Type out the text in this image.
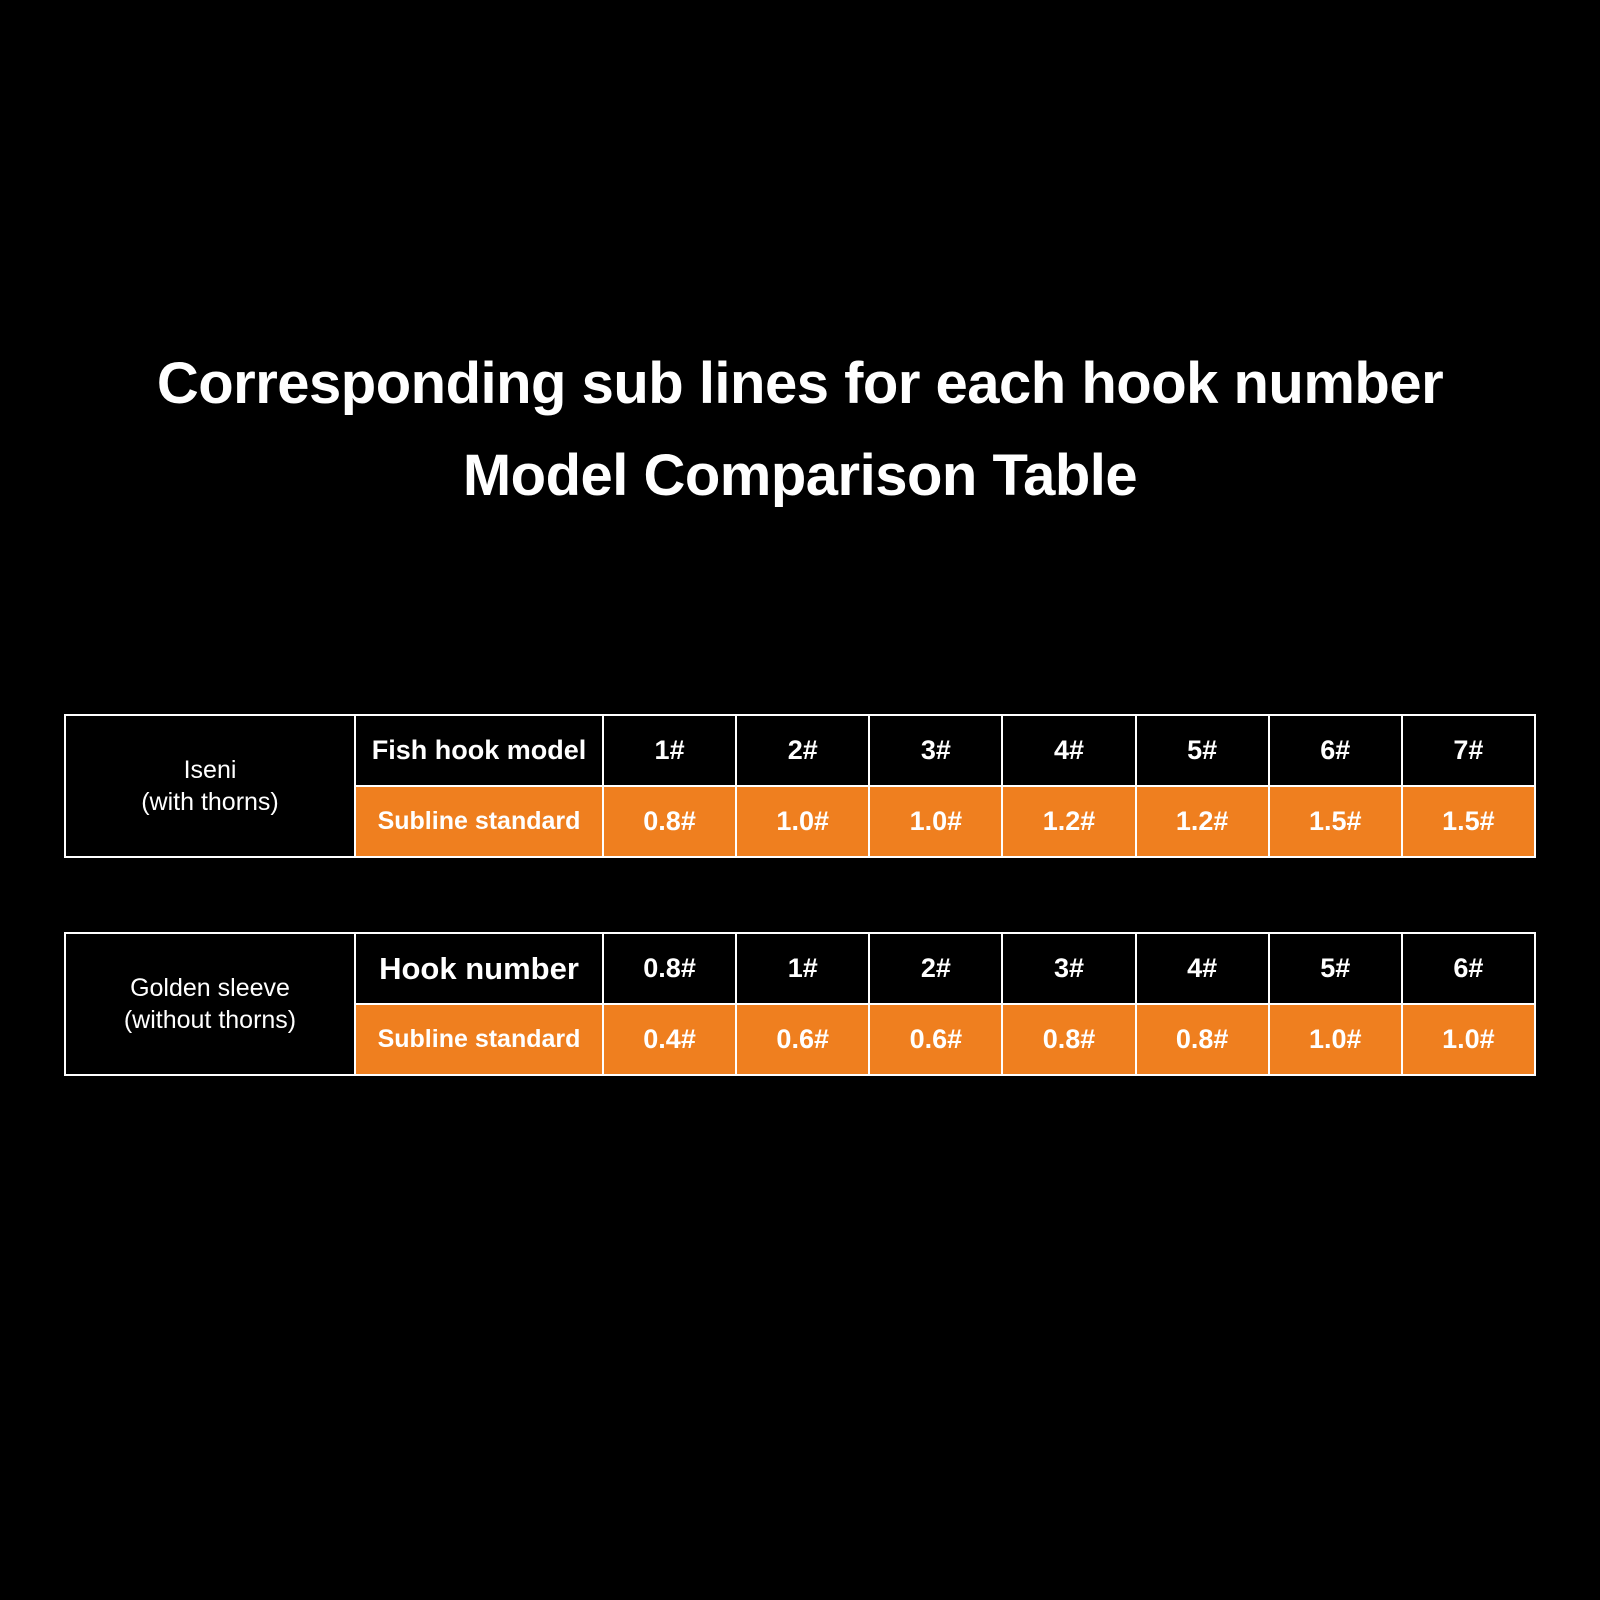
Corresponding sub lines for each hook number
Model Comparison Table
Iseni
(with thorns)	Fish hook model	1#	2#	3#	4#	5#	6#	7#
	Subline standard	0.8#	1.0#	1.0#	1.2#	1.2#	1.5#	1.5#
Golden sleeve
(without thorns)	Hook number	0.8#	1#	2#	3#	4#	5#	6#
	Subline standard	0.4#	0.6#	0.6#	0.8#	0.8#	1.0#	1.0#
